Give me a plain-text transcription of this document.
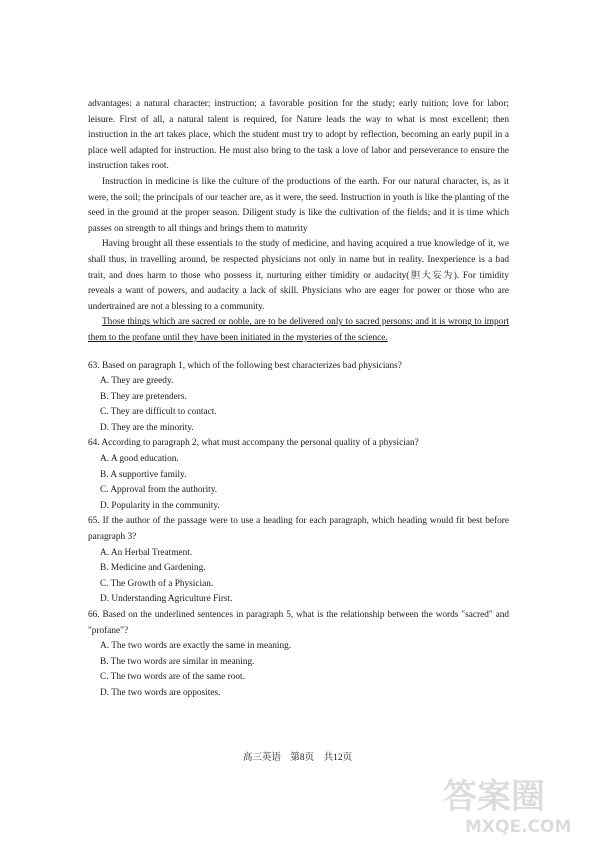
advantages: a natural character; instruction; a favorable position for the study; early tuition; love for labor; leisure. First of all, a natural talent is required, for Nature leads the way to what is most excellent; then instruction in the art takes place, which the student must try to adopt by reflection, becoming an early pupil in a place well adapted for instruction. He must also bring to the task a love of labor and perseverance to ensure the instruction takes root.

Instruction in medicine is like the culture of the productions of the earth. For our natural character, is, as it were, the soil; the principals of our teacher are, as it were, the seed. Instruction in youth is like the planting of the seed in the ground at the proper season. Diligent study is like the cultivation of the fields; and it is time which passes on strength to all things and brings them to maturity

Having brought all these essentials to the study of medicine, and having acquired a true knowledge of it, we shall thus, in travelling around, be respected physicians not only in name but in reality. Inexperience is a bad trait, and does harm to those who possess it, nurturing either timidity or audacity(胆大妄为). For timidity reveals a want of powers, and audacity a lack of skill. Physicians who are eager for power or those who are undertrained are not a blessing to a community.

Those things which are sacred or noble, are to be delivered only to sacred persons; and it is wrong to import them to the profane until they have been initiated in the mysteries of the science.

63. Based on paragraph 1, which of the following best characterizes bad physicians?

A. They are greedy.

B. They are pretenders.

C. They are difficult to contact.

D. They are the minority.

64. According to paragraph 2, what must accompany the personal quality of a physician?

A. A good education.

B. A supportive family.

C. Approval from the authority.

D. Popularity in the community.

65. If the author of the passage were to use a heading for each paragraph, which heading would fit best before paragraph 3?

A. An Herbal Treatment.

B. Medicine and Gardening.

C. The Growth of a Physician.

D. Understanding Agriculture First.

66. Based on the underlined sentences in paragraph 5, what is the relationship between the words "sacred" and "profane"?

A. The two words are exactly the same in meaning.

B. The two words are similar in meaning.

C. The two words are of the same root.

D. The two words are opposites.

高三英语　第8页　共12页
答案圈
MXQE.COM
